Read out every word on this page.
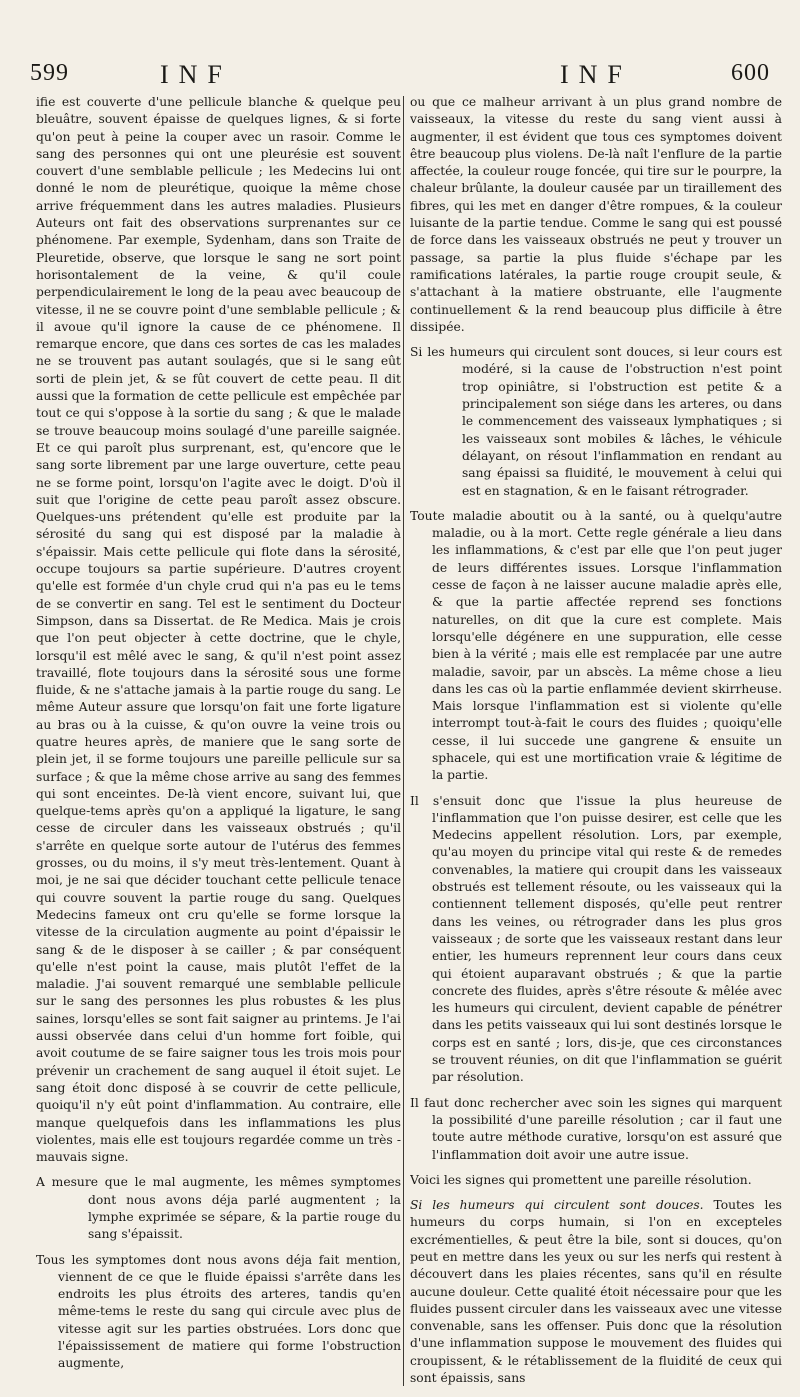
599	INF	INF	600

ifie est couverte d'une pellicule blanche & quelque peu bleuâtre, souvent épaisse de quelques lignes, & si forte qu'on peut à peine la couper avec un rasoir. Comme le sang des personnes qui ont une pleurésie est souvent couvert d'une semblable pellicule ; les Medecins lui ont donné le nom de pleurétique, quoique la même chose arrive fréquemment dans les autres maladies. Plusieurs Auteurs ont fait des observations surprenantes sur ce phénomene. Par exemple, Sydenham, dans son Traite de Pleuretide, observe, que lorsque le sang ne sort point horisontalement de la veine, & qu'il coule perpendiculairement le long de la peau avec beaucoup de vitesse, il ne se couvre point d'une semblable pellicule ; & il avoue qu'il ignore la cause de ce phénomene. Il remarque encore, que dans ces sortes de cas les malades ne se trouvent pas autant soulagés, que si le sang eût sorti de plein jet, & se fût couvert de cette peau. Il dit aussi que la formation de cette pellicule est empêchée par tout ce qui s'oppose à la sortie du sang ; & que le malade se trouve beaucoup moins soulagé d'une pareille saignée. Et ce qui paroît plus surprenant, est, qu'encore que le sang sorte librement par une large ouverture, cette peau ne se forme point, lorsqu'on l'agite avec le doigt. D'où il suit que l'origine de cette peau paroît assez obscure. Quelques-uns prétendent qu'elle est produite par la sérosité du sang qui est disposé par la maladie à s'épaissir. Mais cette pellicule qui flote dans la sérosité, occupe toujours sa partie supérieure. D'autres croyent qu'elle est formée d'un chyle crud qui n'a pas eu le tems de se convertir en sang. Tel est le sentiment du Docteur Simpson, dans sa Dissertat. de Re Medica. Mais je crois que l'on peut objecter à cette doctrine, que le chyle, lorsqu'il est mêlé avec le sang, & qu'il n'est point assez travaillé, flote toujours dans la sérosité sous une forme fluide, & ne s'attache jamais à la partie rouge du sang. Le même Auteur assure que lorsqu'on fait une forte ligature au bras ou à la cuisse, & qu'on ouvre la veine trois ou quatre heures après, de maniere que le sang sorte de plein jet, il se forme toujours une pareille pellicule sur sa surface ; & que la même chose arrive au sang des femmes qui sont enceintes. De-là vient encore, suivant lui, que quelque-tems après qu'on a appliqué la ligature, le sang cesse de circuler dans les vaisseaux obstrués ; qu'il s'arrête en quelque sorte autour de l'utérus des femmes grosses, ou du moins, il s'y meut très-lentement. Quant à moi, je ne sai que décider touchant cette pellicule tenace qui couvre souvent la partie rouge du sang. Quelques Medecins fameux ont cru qu'elle se forme lorsque la vitesse de la circulation augmente au point d'épaissir le sang & de le disposer à se cailler ; & par conséquent qu'elle n'est point la cause, mais plutôt l'effet de la maladie. J'ai souvent remarqué une semblable pellicule sur le sang des personnes les plus robustes & les plus saines, lorsqu'elles se sont fait saigner au printems. Je l'ai aussi observée dans celui d'un homme fort foible, qui avoit coutume de se faire saigner tous les trois mois pour prévenir un crachement de sang auquel il étoit sujet. Le sang étoit donc disposé à se couvrir de cette pellicule, quoiqu'il n'y eût point d'inflammation. Au contraire, elle manque quelquefois dans les inflammations les plus violentes, mais elle est toujours regardée comme un très - mauvais signe.

A mesure que le mal augmente, les mêmes symptomes dont nous avons déja parlé augmentent ; la lymphe exprimée se sépare, & la partie rouge du sang s'épaissit.

Tous les symptomes dont nous avons déja fait mention, viennent de ce que le fluide épaissi s'arrête dans les endroits les plus étroits des arteres, tandis qu'en même-tems le reste du sang qui circule avec plus de vitesse agit sur les parties obstruées. Lors donc que l'épaississement de matiere qui forme l'obstruction augmente,

ou que ce malheur arrivant à un plus grand nombre de vaisseaux, la vitesse du reste du sang vient aussi à augmenter, il est évident que tous ces symptomes doivent être beaucoup plus violens. De-là naît l'enflure de la partie affectée, la couleur rouge foncée, qui tire sur le pourpre, la chaleur brûlante, la douleur causée par un tiraillement des fibres, qui les met en danger d'être rompues, & la couleur luisante de la partie tendue. Comme le sang qui est poussé de force dans les vaisseaux obstrués ne peut y trouver un passage, sa partie la plus fluide s'échape par les ramifications latérales, la partie rouge croupit seule, & s'attachant à la matiere obstruante, elle l'augmente continuellement & la rend beaucoup plus difficile à être dissipée.

Si les humeurs qui circulent sont douces, si leur cours est modéré, si la cause de l'obstruction n'est point trop opiniâtre, si l'obstruction est petite & a principalement son siége dans les arteres, ou dans le commencement des vaisseaux lymphatiques ; si les vaisseaux sont mobiles & lâches, le véhicule délayant, on résout l'inflammation en rendant au sang épaissi sa fluidité, le mouvement à celui qui est en stagnation, & en le faisant rétrograder.

Toute maladie aboutit ou à la santé, ou à quelqu'autre maladie, ou à la mort. Cette regle générale a lieu dans les inflammations, & c'est par elle que l'on peut juger de leurs différentes issues. Lorsque l'inflammation cesse de façon à ne laisser aucune maladie après elle, & que la partie affectée reprend ses fonctions naturelles, on dit que la cure est complete. Mais lorsqu'elle dégénere en une suppuration, elle cesse bien à la vérité ; mais elle est remplacée par une autre maladie, savoir, par un abscès. La même chose a lieu dans les cas où la partie enflammée devient skirrheuse. Mais lorsque l'inflammation est si violente qu'elle interrompt tout-à-fait le cours des fluides ; quoiqu'elle cesse, il lui succede une gangrene & ensuite un sphacele, qui est une mortification vraie & légitime de la partie.

Il s'ensuit donc que l'issue la plus heureuse de l'inflammation que l'on puisse desirer, est celle que les Medecins appellent résolution. Lors, par exemple, qu'au moyen du principe vital qui reste & de remedes convenables, la matiere qui croupit dans les vaisseaux obstrués est tellement résoute, ou les vaisseaux qui la contiennent tellement disposés, qu'elle peut rentrer dans les veines, ou rétrograder dans les plus gros vaisseaux ; de sorte que les vaisseaux restant dans leur entier, les humeurs reprennent leur cours dans ceux qui étoient auparavant obstrués ; & que la partie concrete des fluides, après s'être résoute & mêlée avec les humeurs qui circulent, devient capable de pénétrer dans les petits vaisseaux qui lui sont destinés lorsque le corps est en santé ; lors, dis-je, que ces circonstances se trouvent réunies, on dit que l'inflammation se guérit par résolution.

Il faut donc rechercher avec soin les signes qui marquent la possibilité d'une pareille résolution ; car il faut une toute autre méthode curative, lorsqu'on est assuré que l'inflammation doit avoir une autre issue.

Voici les signes qui promettent une pareille résolution.

Si les humeurs qui circulent sont douces. Toutes les humeurs du corps humain, si l'on en excepteles excrémentielles, & peut être la bile, sont si douces, qu'on peut en mettre dans les yeux ou sur les nerfs qui restent à découvert dans les plaies récentes, sans qu'il en résulte aucune douleur. Cette qualité étoit nécessaire pour que les fluides pussent circuler dans les vaisseaux avec une vitesse convenable, sans les offenser. Puis donc que la résolution d'une inflammation suppose le mouvement des fluides qui croupissent, & le rétablissement de la fluidité de ceux qui sont épaissis, sans
